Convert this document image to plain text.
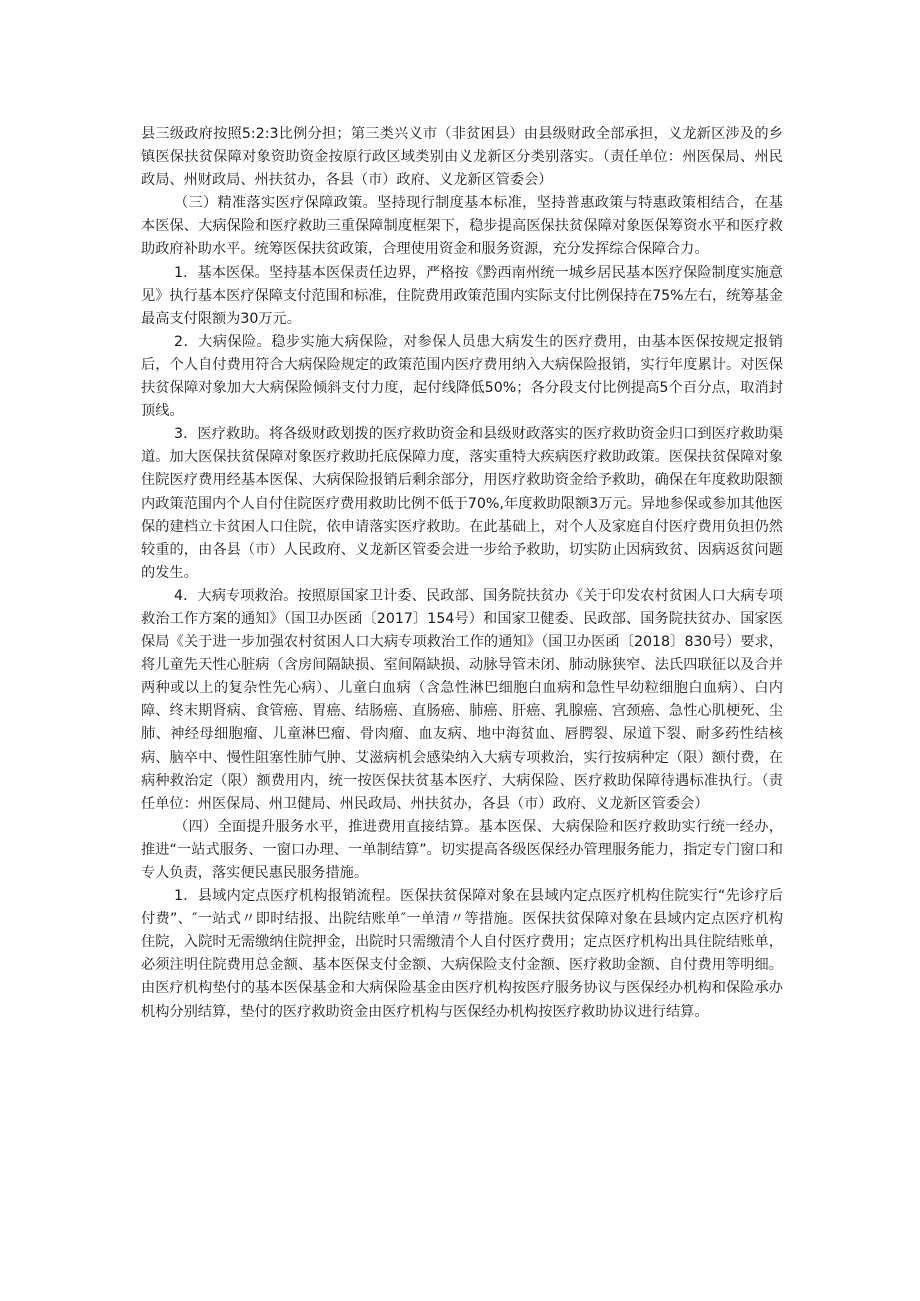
县三级政府按照5:2:3比例分担；第三类兴义市（非贫困县）由县级财政全部承担，义龙新区涉及的乡镇医保扶贫保障对象资助资金按原行政区域类别由义龙新区分类别落实。（责任单位：州医保局、州民政局、州财政局、州扶贫办，各县（市）政府、义龙新区管委会）

（三）精准落实医疗保障政策。坚持现行制度基本标准，坚持普惠政策与特惠政策相结合，在基本医保、大病保险和医疗救助三重保障制度框架下，稳步提高医保扶贫保障对象医保筹资水平和医疗救助政府补助水平。统筹医保扶贫政策，合理使用资金和服务资源，充分发挥综合保障合力。

1．基本医保。坚持基本医保责任边界，严格按《黔西南州统一城乡居民基本医疗保险制度实施意见》执行基本医疗保障支付范围和标准，住院费用政策范围内实际支付比例保持在75%左右，统筹基金最高支付限额为30万元。

2．大病保险。稳步实施大病保险，对参保人员患大病发生的医疗费用，由基本医保按规定报销后，个人自付费用符合大病保险规定的政策范围内医疗费用纳入大病保险报销，实行年度累计。对医保扶贫保障对象加大大病保险倾斜支付力度，起付线降低50%；各分段支付比例提高5个百分点，取消封顶线。

3．医疗救助。将各级财政划拨的医疗救助资金和县级财政落实的医疗救助资金归口到医疗救助渠道。加大医保扶贫保障对象医疗救助托底保障力度，落实重特大疾病医疗救助政策。医保扶贫保障对象住院医疗费用经基本医保、大病保险报销后剩余部分，用医疗救助资金给予救助，确保在年度救助限额内政策范围内个人自付住院医疗费用救助比例不低于70%,年度救助限额3万元。异地参保或参加其他医保的建档立卡贫困人口住院，依申请落实医疗救助。在此基础上，对个人及家庭自付医疗费用负担仍然较重的，由各县（市）人民政府、义龙新区管委会进一步给予救助，切实防止因病致贫、因病返贫问题的发生。

4．大病专项救治。按照原国家卫计委、民政部、国务院扶贫办《关于印发农村贫困人口大病专项救治工作方案的通知》（国卫办医函〔2017〕154号）和国家卫健委、民政部、国务院扶贫办、国家医保局《关于进一步加强农村贫困人口大病专项救治工作的通知》（国卫办医函〔2018〕830号）要求，将儿童先天性心脏病（含房间隔缺损、室间隔缺损、动脉导管未闭、肺动脉狭窄、法氏四联征以及合并两种或以上的复杂性先心病）、儿童白血病（含急性淋巴细胞白血病和急性早幼粒细胞白血病）、白内障、终末期肾病、食管癌、胃癌、结肠癌、直肠癌、肺癌、肝癌、乳腺癌、宫颈癌、急性心肌梗死、尘肺、神经母细胞瘤、儿童淋巴瘤、骨肉瘤、血友病、地中海贫血、唇腭裂、尿道下裂、耐多药性结核病、脑卒中、慢性阻塞性肺气肿、艾滋病机会感染纳入大病专项救治，实行按病种定（限）额付费，在病种救治定（限）额费用内，统一按医保扶贫基本医疗、大病保险、医疗救助保障待遇标准执行。（责任单位：州医保局、州卫健局、州民政局、州扶贫办，各县（市）政府、义龙新区管委会）

（四）全面提升服务水平，推进费用直接结算。基本医保、大病保险和医疗救助实行统一经办，推进“一站式服务、一窗口办理、一单制结算”。切实提高各级医保经办管理服务能力，指定专门窗口和专人负责，落实便民惠民服务措施。

1．县域内定点医疗机构报销流程。医保扶贫保障对象在县域内定点医疗机构住院实行“先诊疗后付费”、″一站式〃即时结报、出院结账单″一单清〃等措施。医保扶贫保障对象在县域内定点医疗机构住院，入院时无需缴纳住院押金，出院时只需缴清个人自付医疗费用；定点医疗机构出具住院结账单，必须注明住院费用总金额、基本医保支付金额、大病保险支付金额、医疗救助金额、自付费用等明细。由医疗机构垫付的基本医保基金和大病保险基金由医疗机构按医疗服务协议与医保经办机构和保险承办机构分别结算，垫付的医疗救助资金由医疗机构与医保经办机构按医疗救助协议进行结算。
